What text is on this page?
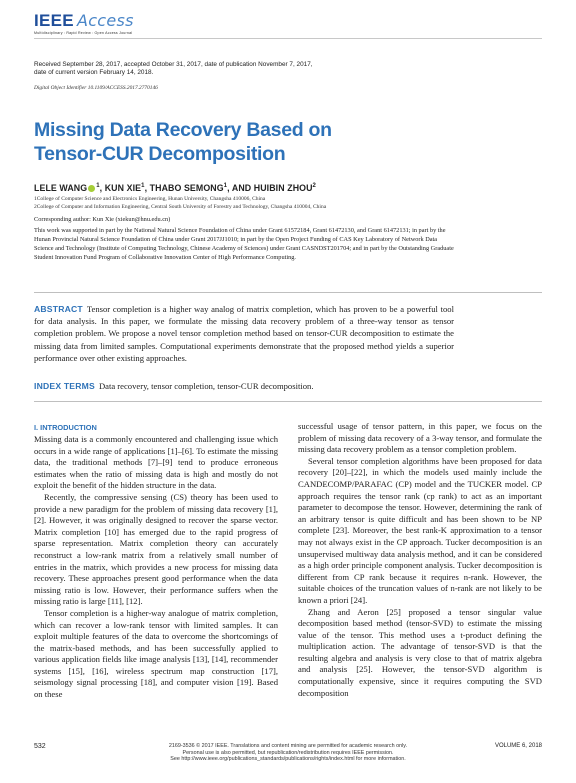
IEEE Access
Multidisciplinary : Rapid Review : Open Access Journal
Received September 28, 2017, accepted October 31, 2017, date of publication November 7, 2017,
date of current version February 14, 2018.
Digital Object Identifier 10.1109/ACCESS.2017.2770146
Missing Data Recovery Based on
Tensor-CUR Decomposition
LELE WANG $^1$, KUN XIE$^1$, THABO SEMONG$^1$, AND HUIBIN ZHOU$^2$
1College of Computer Science and Electronics Engineering, Hunan University, Changsha 410006, China
2College of Computer and Information Engineering, Central South University of Forestry and Technology, Changsha 410004, China
Corresponding author: Kun Xie (xiekun@hnu.edu.cn)
This work was supported in part by the National Natural Science Foundation of China under Grant 61572184, Grant 61472130, and Grant 61472131; in part by the Hunan Provincial Natural Science Foundation of China under Grant 2017JJ1010; in part by the Open Project Funding of CAS Key Laboratory of Network Data Science and Technology (Institute of Computing Technology, Chinese Academy of Sciences) under Grant CASNDST201704; and in part by the Outstanding Graduate Student Innovation Fund Program of Collaborative Innovation Center of High Performance Computing.
ABSTRACT Tensor completion is a higher way analog of matrix completion, which has proven to be a powerful tool for data analysis. In this paper, we formulate the missing data recovery problem of a three-way tensor as tensor completion problem. We propose a novel tensor completion method based on tensor-CUR decomposition to estimate the missing data from limited samples. Computational experiments demonstrate that the proposed method yields a superior performance over other existing approaches.
INDEX TERMS Data recovery, tensor completion, tensor-CUR decomposition.
I. INTRODUCTION

Missing data is a commonly encountered and challenging issue which occurs in a wide range of applications [1]–[6]. To estimate the missing data, the traditional methods [7]–[9] tend to produce erroneous estimates when the ratio of missing data is high and mostly do not exploit the benefit of the hidden structure in the data.

Recently, the compressive sensing (CS) theory has been used to provide a new paradigm for the problem of missing data recovery [1], [2]. However, it was originally designed to recover the sparse vector. Matrix completion [10] has emerged due to the rapid progress of sparse representation. Matrix completion theory can accurately reconstruct a low-rank matrix from a relatively small number of entries in the matrix, which provides a new process for missing data recovery. These approaches present good performance when the data missing ratio is low. However, their performance suffers when the missing ratio is large [11], [12].

Tensor completion is a higher-way analogue of matrix completion, which can recover a low-rank tensor with limited samples. It can exploit multiple features of the data to overcome the shortcomings of the matrix-based methods, and has been successfully applied to various application fields like image analysis [13], [14], recommender systems [15], [16], wireless spectrum map construction [17], seismology signal processing [18], and computer vision [19]. Based on these

successful usage of tensor pattern, in this paper, we focus on the problem of missing data recovery of a 3-way tensor, and formulate the missing data recovery problem as a tensor completion problem.

Several tensor completion algorithms have been proposed for data recovery [20]–[22], in which the models used mainly include the CANDECOMP/PARAFAC (CP) model and the TUCKER model. CP approach requires the tensor rank (cp rank) to act as an important parameter to decompose the tensor. However, determining the rank of an arbitrary tensor is quite difficult and has been shown to be NP complete [23]. Moreover, the best rank-K approximation to a tensor may not always exist in the CP approach. Tucker decomposition is an unsupervised multiway data analysis method, and it can be considered as a high order principle component analysis. Tucker decomposition is different from CP rank because it requires n-rank. However, the suitable choices of the truncation values of n-rank are not likely to be known a priori [24].

Zhang and Aeron [25] proposed a tensor singular value decomposition based method (tensor-SVD) to estimate the missing value of the tensor. This method uses a t-product defining the multiplication action. The advantage of tensor-SVD is that the resulting algebra and analysis is very close to that of matrix algebra and analysis [25]. However, the tensor-SVD algorithm is computationally expensive, since it requires computing the SVD decomposition

532	2169-3536 © 2017 IEEE. Translations and content mining are permitted for academic research only.
Personal use is also permitted, but republication/redistribution requires IEEE permission.
See http://www.ieee.org/publications_standards/publications/rights/index.html for more information.
VOLUME 6, 2018
